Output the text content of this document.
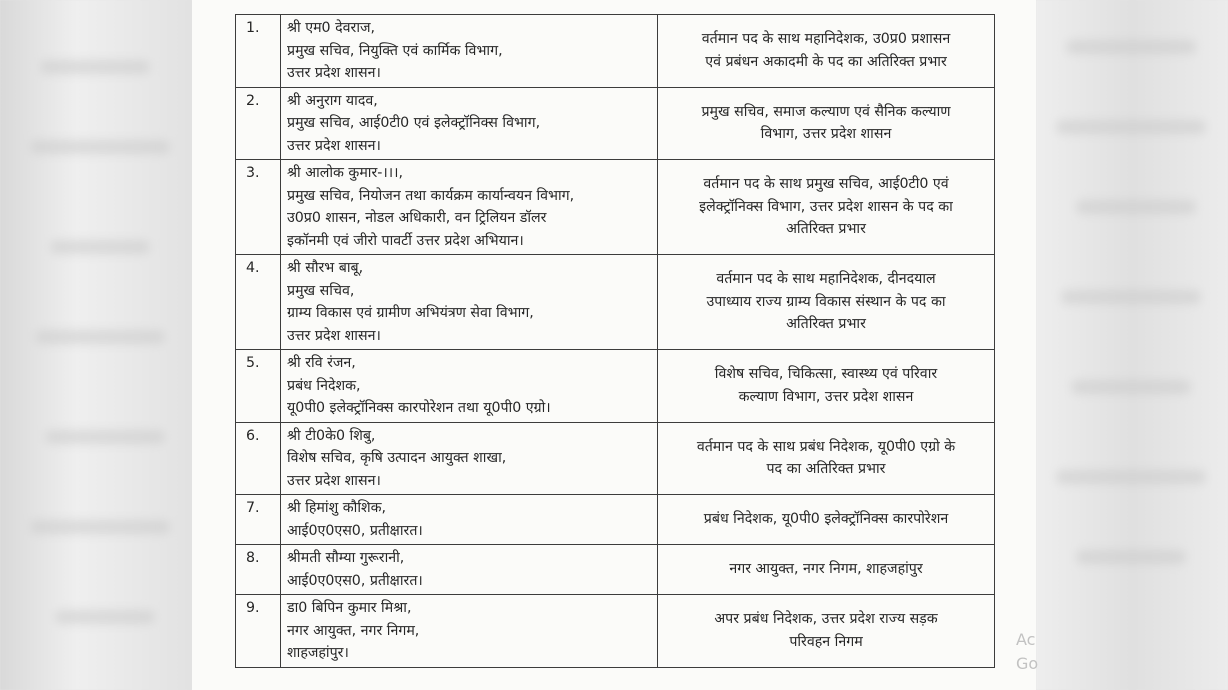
1.	श्री एम0 देवराज,
प्रमुख सचिव, नियुक्ति एवं कार्मिक विभाग,
उत्तर प्रदेश शासन।	वर्तमान पद के साथ महानिदेशक, उ0प्र0 प्रशासन
एवं प्रबंधन अकादमी के पद का अतिरिक्त प्रभार

2.	श्री अनुराग यादव,
प्रमुख सचिव, आई0टी0 एवं इलेक्ट्रॉनिक्स विभाग,
उत्तर प्रदेश शासन।	प्रमुख सचिव, समाज कल्याण एवं सैनिक कल्याण
विभाग, उत्तर प्रदेश शासन

3.	श्री आलोक कुमार-।।।,
प्रमुख सचिव, नियोजन तथा कार्यक्रम कार्यान्वयन विभाग,
उ0प्र0 शासन, नोडल अधिकारी, वन ट्रिलियन डॉलर
इकॉनमी एवं जीरो पावर्टी उत्तर प्रदेश अभियान।	वर्तमान पद के साथ प्रमुख सचिव, आई0टी0 एवं
इलेक्ट्रॉनिक्स विभाग, उत्तर प्रदेश शासन के पद का
अतिरिक्त प्रभार

4.	श्री सौरभ बाबू,
प्रमुख सचिव,
ग्राम्य विकास एवं ग्रामीण अभियंत्रण सेवा विभाग,
उत्तर प्रदेश शासन।	वर्तमान पद के साथ महानिदेशक, दीनदयाल
उपाध्याय राज्य ग्राम्य विकास संस्थान के पद का
अतिरिक्त प्रभार

5.	श्री रवि रंजन,
प्रबंध निदेशक,
यू0पी0 इलेक्ट्रॉनिक्स कारपोरेशन तथा यू0पी0 एग्रो।	विशेष सचिव, चिकित्सा, स्वास्थ्य एवं परिवार
कल्याण विभाग, उत्तर प्रदेश शासन

6.	श्री टी0के0 शिबु,
विशेष सचिव, कृषि उत्पादन आयुक्त शाखा,
उत्तर प्रदेश शासन।	वर्तमान पद के साथ प्रबंध निदेशक, यू0पी0 एग्रो के
पद का अतिरिक्त प्रभार

7.	श्री हिमांशु कौशिक,
आई0ए0एस0, प्रतीक्षारत।	प्रबंध निदेशक, यू0पी0 इलेक्ट्रॉनिक्स कारपोरेशन

8.	श्रीमती सौम्या गुरूरानी,
आई0ए0एस0, प्रतीक्षारत।	नगर आयुक्त, नगर निगम, शाहजहांपुर

9.	डा0 बिपिन कुमार मिश्रा,
नगर आयुक्त, नगर निगम,
शाहजहांपुर।	अपर प्रबंध निदेशक, उत्तर प्रदेश राज्य सड़क
परिवहन निगम	Ac
Go
